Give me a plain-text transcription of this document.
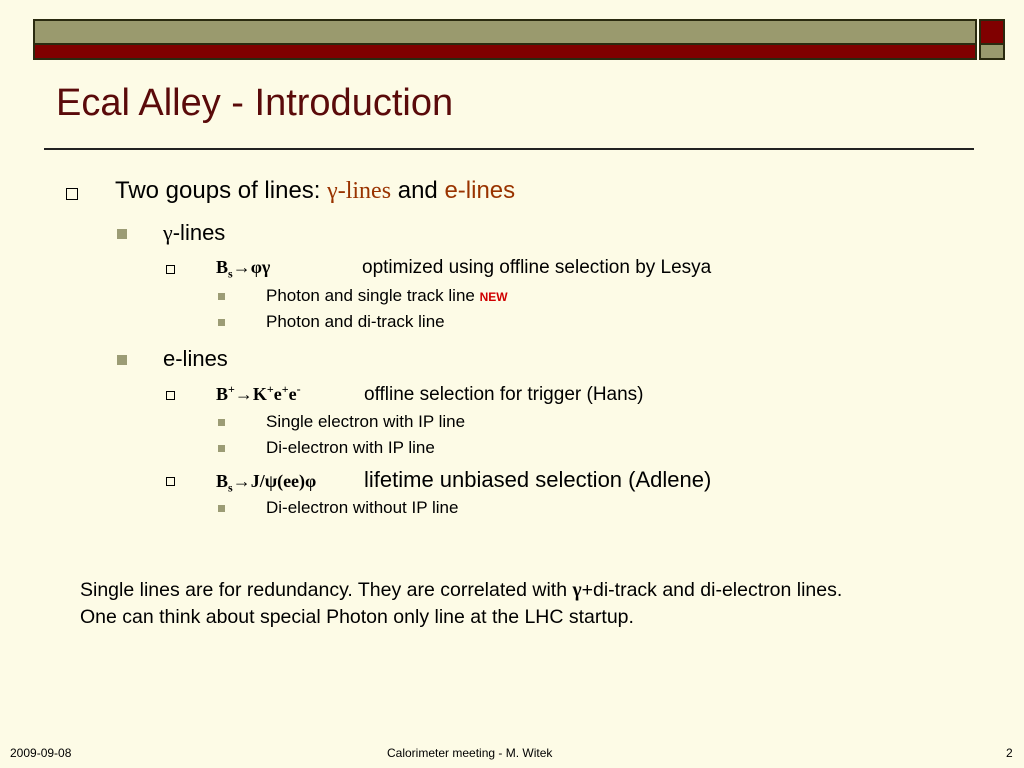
Ecal Alley - Introduction
Two goups of lines: γ-lines and e-lines
γ-lines
$B_s\to\varphi\gamma$	optimized using offline selection by Lesya
Photon and single track line NEW
Photon and di-track line
e-lines
B+→K+e+e-	offline selection for trigger (Hans)
Single electron with IP line
Di-electron with IP line
$B_s\to J/\psi(ee)\varphi$ lifetime unbiased selection (Adlene)
Di-electron without IP line
Single lines are for redundancy. They are correlated with γ+di-track and di-electron lines.
One can think about special Photon only line at the LHC startup.
2009-09-08	Calorimeter meeting - M. Witek	2
